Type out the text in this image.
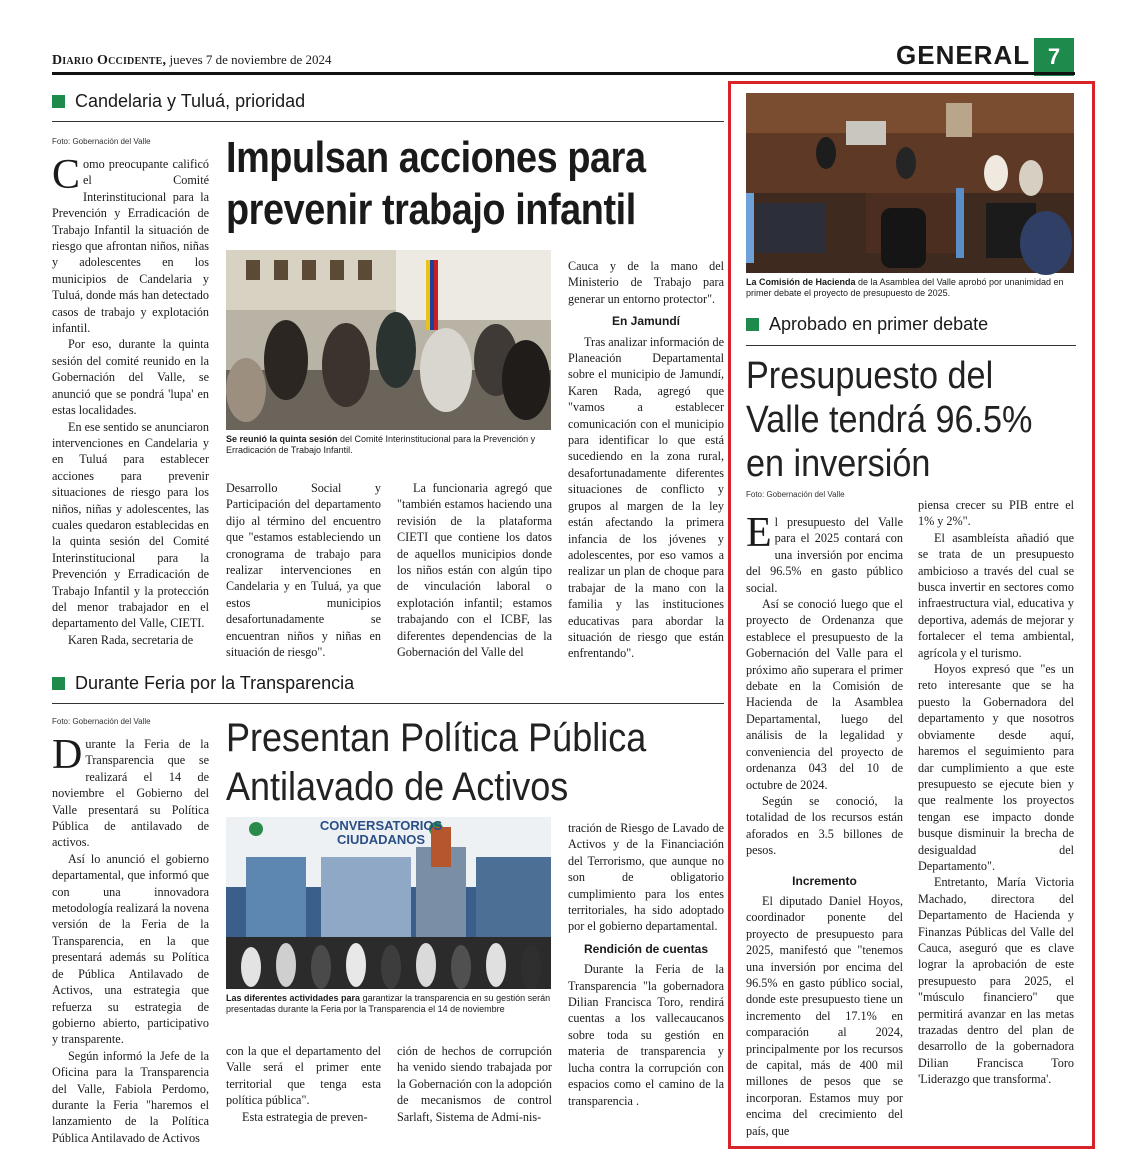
Diario Occidente, jueves 7 de noviembre de 2024	GENERAL 7
Candelaria y Tuluá, prioridad
Foto: Gobernación del Valle Impulsan acciones para
prevenir trabajo infantil

Como preocupante calificó el Comité Interinstitucional para la Prevención y Erradicación de Trabajo Infantil la situación de riesgo que afrontan niños, niñas y adolescentes en los municipios de Candelaria y Tuluá, donde más han detectado casos de trabajo y explotación infantil.

Por eso, durante la quinta sesión del comité reunido en la Gobernación del Valle, se anunció que se pondrá 'lupa' en estas localidades.

En ese sentido se anunciaron intervenciones en Candelaria y en Tuluá para establecer acciones para prevenir situaciones de riesgo para los niños, niñas y adolescentes, las cuales quedaron establecidas en la quinta sesión del Comité Interinstitucional para la Prevención y Erradicación de Trabajo Infantil y la protección del menor trabajador en el departamento del Valle, CIETI.

Karen Rada, secretaria de

Se reunió la quinta sesión del Comité Interinstitucional para la Prevención y Erradicación de Trabajo Infantil.

Desarrollo Social y Participación del departamento dijo al término del encuentro que "estamos estableciendo un cronograma de trabajo para realizar intervenciones en Candelaria y en Tuluá, ya que estos municipios desafortunadamente se encuentran niños y niñas en situación de riesgo".

La funcionaria agregó que "también estamos haciendo una revisión de la plataforma CIETI que contiene los datos de aquellos municipios donde los niños están con algún tipo de vinculación laboral o explotación infantil; estamos trabajando con el ICBF, las diferentes dependencias de la Gobernación del Valle del

Cauca y de la mano del Ministerio de Trabajo para generar un entorno protector".

En Jamundí

Tras analizar información de Planeación Departamental sobre el municipio de Jamundí, Karen Rada, agregó que "vamos a establecer comunicación con el municipio para identificar lo que está sucediendo en la zona rural, desafortunadamente diferentes situaciones de conflicto y grupos al margen de la ley están afectando la primera infancia de los jóvenes y adolescentes, por eso vamos a realizar un plan de choque para trabajar de la mano con la familia y las instituciones educativas para abordar la situación de riesgo que están enfrentando".

Durante Feria por la Transparencia
Foto: Gobernación del Valle Presentan Política Pública
Antilavado de Activos

Durante la Feria de la Transparencia que se realizará el 14 de noviembre el Gobierno del Valle presentará su Política Pública de antilavado de activos.

Así lo anunció el gobierno departamental, que informó que con una innovadora metodología realizará la novena versión de la Feria de la Transparencia, en la que presentará además su Política de Pública Antilavado de Activos, una estrategia que refuerza su estrategia de gobierno abierto, participativo y transparente.

Según informó la Jefe de la Oficina para la Transparencia del Valle, Fabiola Perdomo, durante la Feria "haremos el lanzamiento de la Política Pública Antilavado de Activos

CONVERSATORIOS CIUDADANOS
Las diferentes actividades para garantizar la transparencia en su gestión serán presentadas durante la Feria por la Transparencia el 14 de noviembre

con la que el departamento del Valle será el primer ente territorial que tenga esta política pública".

Esta estrategia de preven-

ción de hechos de corrupción ha venido siendo trabajada por la Gobernación con la adopción de mecanismos de control Sarlaft, Sistema de Admi-nis-

tración de Riesgo de Lavado de Activos y de la Financiación del Terrorismo, que aunque no son de obligatorio cumplimiento para los entes territoriales, ha sido adoptado por el gobierno departamental.

Rendición de cuentas

Durante la Feria de la Transparencia "la gobernadora Dilian Francisca Toro, rendirá cuentas a los vallecaucanos sobre toda su gestión en materia de transparencia y lucha contra la corrupción con espacios como el camino de la transparencia .

La Comisión de Hacienda de la Asamblea del Valle aprobó por unanimidad en primer debate el proyecto de presupuesto de 2025.
Aprobado en primer debate
Presupuesto del
Valle tendrá 96.5%
en inversión
Foto: Gobernación del Valle

El presupuesto del Valle para el 2025 contará con una inversión por encima del 96.5% en gasto público social.

Así se conoció luego que el proyecto de Ordenanza que establece el presupuesto de la Gobernación del Valle para el próximo año superara el primer debate en la Comisión de Hacienda de la Asamblea Departamental, luego del análisis de la legalidad y conveniencia del proyecto de ordenanza 043 del 10 de octubre de 2024.

Según se conoció, la totalidad de los recursos están aforados en 3.5 billones de pesos.

Incremento

El diputado Daniel Hoyos, coordinador ponente del proyecto de presupuesto para 2025, manifestó que "tenemos una inversión por encima del 96.5% en gasto público social, donde este presupuesto tiene un incremento del 17.1% en comparación al 2024, principalmente por los recursos de capital, más de 400 mil millones de pesos que se incorporan. Estamos muy por encima del crecimiento del país, que

piensa crecer su PIB entre el 1% y 2%".

El asambleísta añadió que se trata de un presupuesto ambicioso a través del cual se busca invertir en sectores como infraestructura vial, educativa y deportiva, además de mejorar y fortalecer el tema ambiental, agrícola y el turismo.

Hoyos expresó que "es un reto interesante que se ha puesto la Gobernadora del departamento y que nosotros obviamente desde aquí, haremos el seguimiento para dar cumplimiento a que este presupuesto se ejecute bien y que realmente los proyectos tengan ese impacto donde busque disminuir la brecha de desigualdad del Departamento".

Entretanto, María Victoria Machado, directora del Departamento de Hacienda y Finanzas Públicas del Valle del Cauca, aseguró que es clave lograr la aprobación de este presupuesto para 2025, el "músculo financiero" que permitirá avanzar en las metas trazadas dentro del plan de desarrollo de la gobernadora Dilian Francisca Toro 'Liderazgo que transforma'.
